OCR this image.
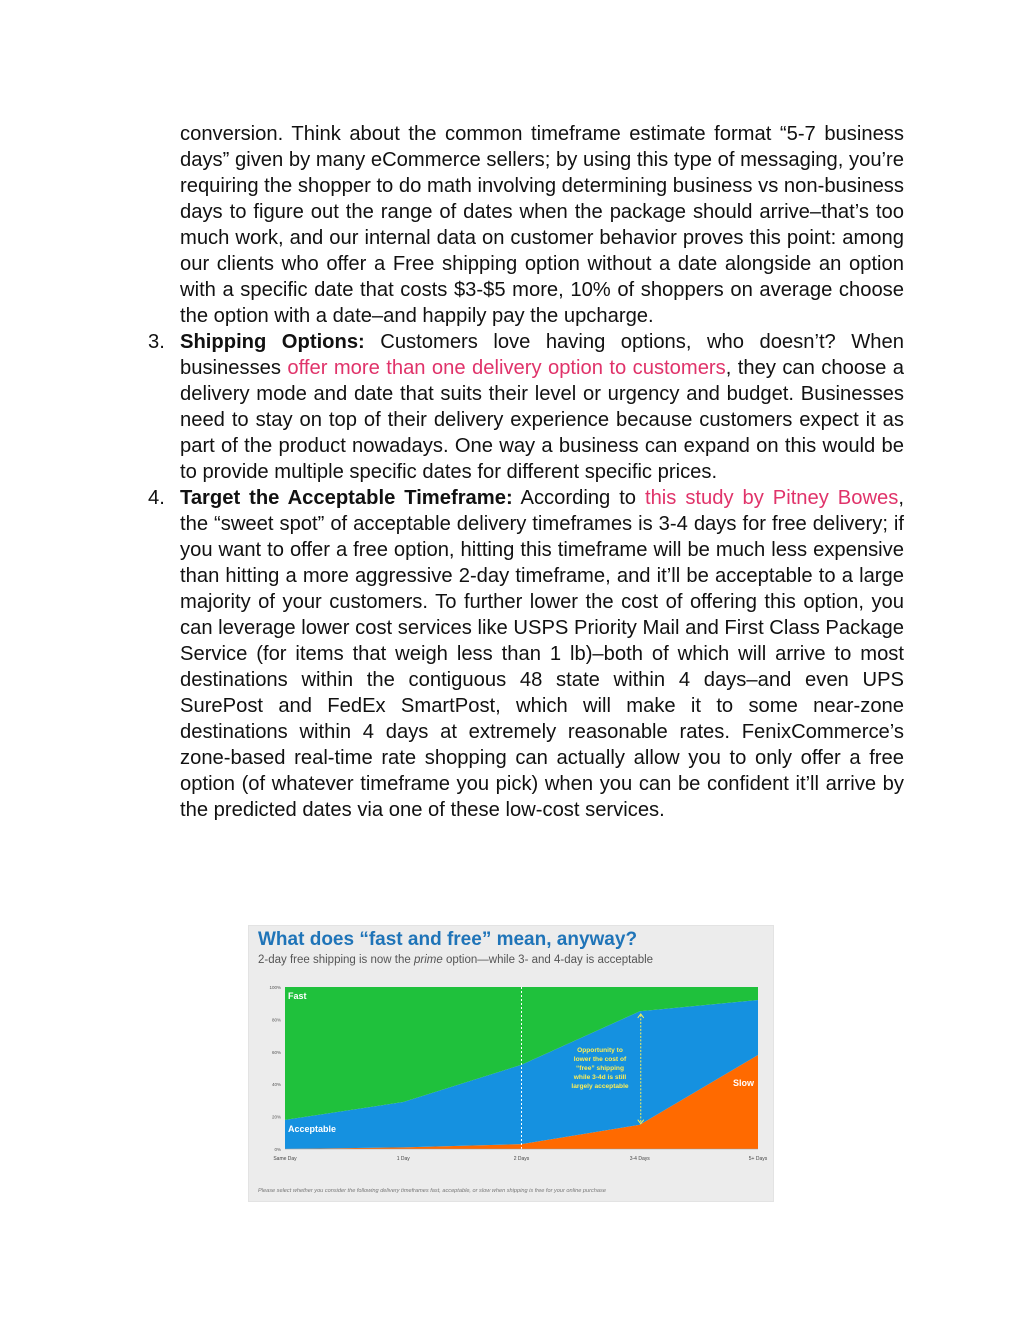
conversion. Think about the common timeframe estimate format “5-7 business days” given by many eCommerce sellers; by using this type of messaging, you’re requiring the shopper to do math involving determining business vs non-business days to figure out the range of dates when the package should arrive–that’s too much work, and our internal data on customer behavior proves this point: among our clients who offer a Free shipping option without a date alongside an option with a specific date that costs $3-$5 more, 10% of shoppers on average choose the option with a date–and happily pay the upcharge.

3. Shipping Options: Customers love having options, who doesn’t? When businesses offer more than one delivery option to customers, they can choose a delivery mode and date that suits their level or urgency and budget. Businesses need to stay on top of their delivery experience because customers expect it as part of the product nowadays. One way a business can expand on this would be to provide multiple specific dates for different specific prices.

4. Target the Acceptable Timeframe: According to this study by Pitney Bowes, the “sweet spot” of acceptable delivery timeframes is 3-4 days for free delivery; if you want to offer a free option, hitting this timeframe will be much less expensive than hitting a more aggressive 2-day timeframe, and it’ll be acceptable to a large majority of your customers. To further lower the cost of offering this option, you can leverage lower cost services like USPS Priority Mail and First Class Package Service (for items that weigh less than 1 lb)–both of which will arrive to most destinations within the contiguous 48 state within 4 days–and even UPS SurePost and FedEx SmartPost, which will make it to some near-zone destinations within 4 days at extremely reasonable rates. FenixCommerce’s zone-based real-time rate shopping can actually allow you to only offer a free option (of whatever timeframe you pick) when you can be confident it’ll arrive by the predicted dates via one of these low-cost services.

What does “fast and free” mean, anyway?
2-day free shipping is now the prime option—while 3- and 4-day is acceptable
0%
20%
40%
60%
80%
100%
Same Day	1 Day	2 Days	3-4 Days	5+ Days
Opportunity to
lower the cost of
“free” shipping
while 3-4d is still
largely acceptable	Slow
Acceptable
Fast
Please select whether you consider the following delivery timeframes fast, acceptable, or slow when shipping is free for your online purchase
